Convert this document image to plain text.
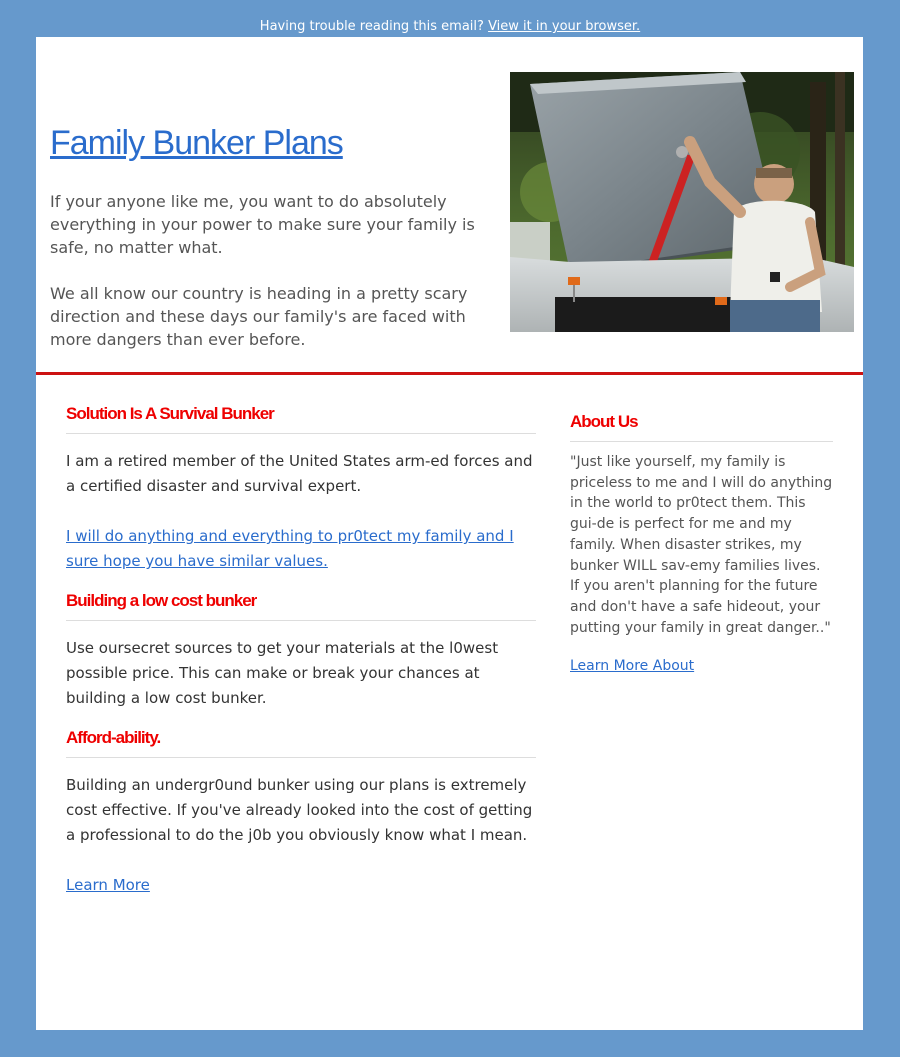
Having trouble reading this email? View it in your browser.
Family Bunker Plans

If your anyone like me, you want to do absolutely everything in your power to make sure your family is safe, no matter what.

We all know our country is heading in a pretty scary direction and these days our family's are faced with more dangers than ever before.

Solution Is A Survival Bunker

I am a retired member of the United States arm-ed forces and a certified disaster and survival expert.

I will do anything and everything to pr0tect my family and I sure hope you have similar values.

Building a low cost bunker

Use oursecret sources to get your materials at the l0west possible price. This can make or break your chances at building a low cost bunker.

Afford-ability.

Building an undergr0und bunker using our plans is extremely cost effective. If you've already looked into the cost of getting a professional to do the j0b you obviously know what I mean.

Learn More

About Us

"Just like yourself, my family is priceless to me and I will do anything in the world to pr0tect them. This gui-de is perfect for me and my family. When disaster strikes, my bunker WILL sav-emy families lives. If you aren't planning for the future and don't have a safe hideout, your putting your family in great danger.."

Learn More About
